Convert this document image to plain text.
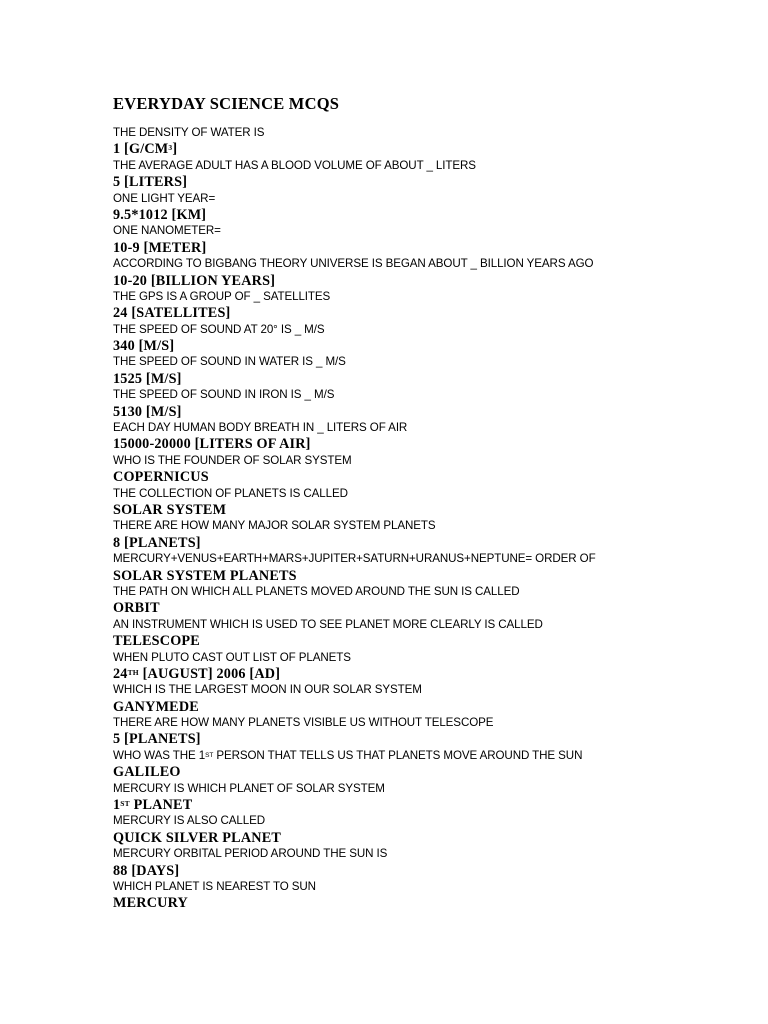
EVERYDAY SCIENCE MCQS
THE DENSITY OF WATER IS
1 $[G/CM^3]$
THE AVERAGE ADULT HAS A BLOOD VOLUME OF ABOUT _ LITERS
5 [LITERS]
ONE LIGHT YEAR=
9.5*1012 [KM]
ONE NANOMETER=
10-9 [METER]
ACCORDING TO BIGBANG THEORY UNIVERSE IS BEGAN ABOUT _ BILLION YEARS AGO
10-20 [BILLION YEARS]
THE GPS IS A GROUP OF _ SATELLITES
24 [SATELLITES]
THE SPEED OF SOUND AT 20° IS _ M/S
340 [M/S]
THE SPEED OF SOUND IN WATER IS _ M/S
1525 [M/S]
THE SPEED OF SOUND IN IRON IS _ M/S
5130 [M/S]
EACH DAY HUMAN BODY BREATH IN _ LITERS OF AIR
15000-20000 [LITERS OF AIR]
WHO IS THE FOUNDER OF SOLAR SYSTEM
COPERNICUS
THE COLLECTION OF PLANETS IS CALLED
SOLAR SYSTEM
THERE ARE HOW MANY MAJOR SOLAR SYSTEM PLANETS
8 [PLANETS]
MERCURY+VENUS+EARTH+MARS+JUPITER+SATURN+URANUS+NEPTUNE= ORDER OF
SOLAR SYSTEM PLANETS
THE PATH ON WHICH ALL PLANETS MOVED AROUND THE SUN IS CALLED
ORBIT
AN INSTRUMENT WHICH IS USED TO SEE PLANET MORE CLEARLY IS CALLED
TELESCOPE
WHEN PLUTO CAST OUT LIST OF PLANETS
24TH [AUGUST] 2006 [AD]
WHICH IS THE LARGEST MOON IN OUR SOLAR SYSTEM
GANYMEDE
THERE ARE HOW MANY PLANETS VISIBLE US WITHOUT TELESCOPE
5 [PLANETS]
WHO WAS THE 1ST PERSON THAT TELLS US THAT PLANETS MOVE AROUND THE SUN
GALILEO
MERCURY IS WHICH PLANET OF SOLAR SYSTEM
1ST PLANET
MERCURY IS ALSO CALLED
QUICK SILVER PLANET
MERCURY ORBITAL PERIOD AROUND THE SUN IS
88 [DAYS]
WHICH PLANET IS NEAREST TO SUN
MERCURY
